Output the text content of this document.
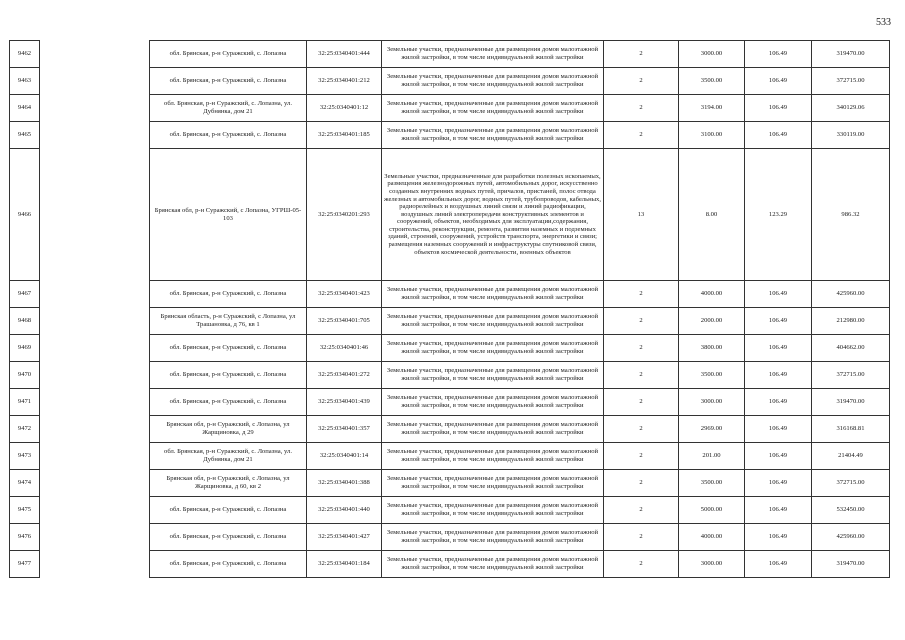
533
9462		обл. Брянская, р-н Суражский, с. Лопазна	32:25:0340401:444	Земельные участки, предназначенные для размещения домов малоэтажной жилой застройки, в том числе индивидуальной жилой застройки	2	3000.00	106.49	319470.00
9463		обл. Брянская, р-н Суражский, с. Лопазна	32:25:0340401:212	Земельные участки, предназначенные для размещения домов малоэтажной жилой застройки, в том числе индивидуальной жилой застройки	2	3500.00	106.49	372715.00
9464		обл. Брянская, р-н Суражский, с. Лопазна, ул. Дубнянка, дом 21	32:25:0340401:12	Земельные участки, предназначенные для размещения домов малоэтажной жилой застройки, в том числе индивидуальной жилой застройки	2	3194.00	106.49	340129.06
9465		обл. Брянская, р-н Суражский, с. Лопазна	32:25:0340401:185	Земельные участки, предназначенные для размещения домов малоэтажной жилой застройки, в том числе индивидуальной жилой застройки	2	3100.00	106.49	330119.00
9466		Брянская обл, р-н Суражский, с Лопазна, УГРШ-05-103	32:25:0340201:293	Земельные участки, предназначенные для разработки полезных ископаемых, размещения железнодорожных путей, автомобильных дорог, искусственно созданных внутренних водных путей, причалов, пристаней, полос отвода железных и автомобильных дорог, водных путей, трубопроводов, кабельных, радиорелейных и воздушных линий связи и линий радиофикации, воздушных линий электропередачи конструктивных элементов и сооружений, объектов, необходимых для эксплуатации,содержания, строительства, реконструкции, ремонта, развития наземных и подземных зданий, строений, сооружений, устройств транспорта, энергетики и связи; размещения наземных сооружений и инфраструктуры спутниковой связи, объектов космической деятельности, военных объектов	13	8.00	123.29	986.32
9467		обл. Брянская, р-н Суражский, с. Лопазна	32:25:0340401:423	Земельные участки, предназначенные для размещения домов малоэтажной жилой застройки, в том числе индивидуальной жилой застройки	2	4000.00	106.49	425960.00
9468		Брянская область, р-н Суражский, с Лопазна, ул Трашановка, д 76, кв 1	32:25:0340401:705	Земельные участки, предназначенные для размещения домов малоэтажной жилой застройки, в том числе индивидуальной жилой застройки	2	2000.00	106.49	212980.00
9469		обл. Брянская, р-н Суражский, с. Лопазна	32:25:0340401:46	Земельные участки, предназначенные для размещения домов малоэтажной жилой застройки, в том числе индивидуальной жилой застройки	2	3800.00	106.49	404662.00
9470		обл. Брянская, р-н Суражский, с. Лопазна	32:25:0340401:272	Земельные участки, предназначенные для размещения домов малоэтажной жилой застройки, в том числе индивидуальной жилой застройки	2	3500.00	106.49	372715.00
9471		обл. Брянская, р-н Суражский, с. Лопазна	32:25:0340401:439	Земельные участки, предназначенные для размещения домов малоэтажной жилой застройки, в том числе индивидуальной жилой застройки	2	3000.00	106.49	319470.00
9472		Брянская обл, р-н Суражский, с Лопазна, ул Жарщиновка, д 29	32:25:0340401:357	Земельные участки, предназначенные для размещения домов малоэтажной жилой застройки, в том числе индивидуальной жилой застройки	2	2969.00	106.49	316168.81
9473		обл. Брянская, р-н Суражский, с. Лопазна, ул. Дубнянка, дом 21	32:25:0340401:14	Земельные участки, предназначенные для размещения домов малоэтажной жилой застройки, в том числе индивидуальной жилой застройки	2	201.00	106.49	21404.49
9474		Брянская обл, р-н Суражский, с Лопазна, ул Жарщиновка, д 60, кв 2	32:25:0340401:388	Земельные участки, предназначенные для размещения домов малоэтажной жилой застройки, в том числе индивидуальной жилой застройки	2	3500.00	106.49	372715.00
9475		обл. Брянская, р-н Суражский, с. Лопазна	32:25:0340401:440	Земельные участки, предназначенные для размещения домов малоэтажной жилой застройки, в том числе индивидуальной жилой застройки	2	5000.00	106.49	532450.00
9476		обл. Брянская, р-н Суражский, с. Лопазна	32:25:0340401:427	Земельные участки, предназначенные для размещения домов малоэтажной жилой застройки, в том числе индивидуальной жилой застройки	2	4000.00	106.49	425960.00
9477		обл. Брянская, р-н Суражский, с. Лопазна	32:25:0340401:184	Земельные участки, предназначенные для размещения домов малоэтажной жилой застройки, в том числе индивидуальной жилой застройки	2	3000.00	106.49	319470.00
